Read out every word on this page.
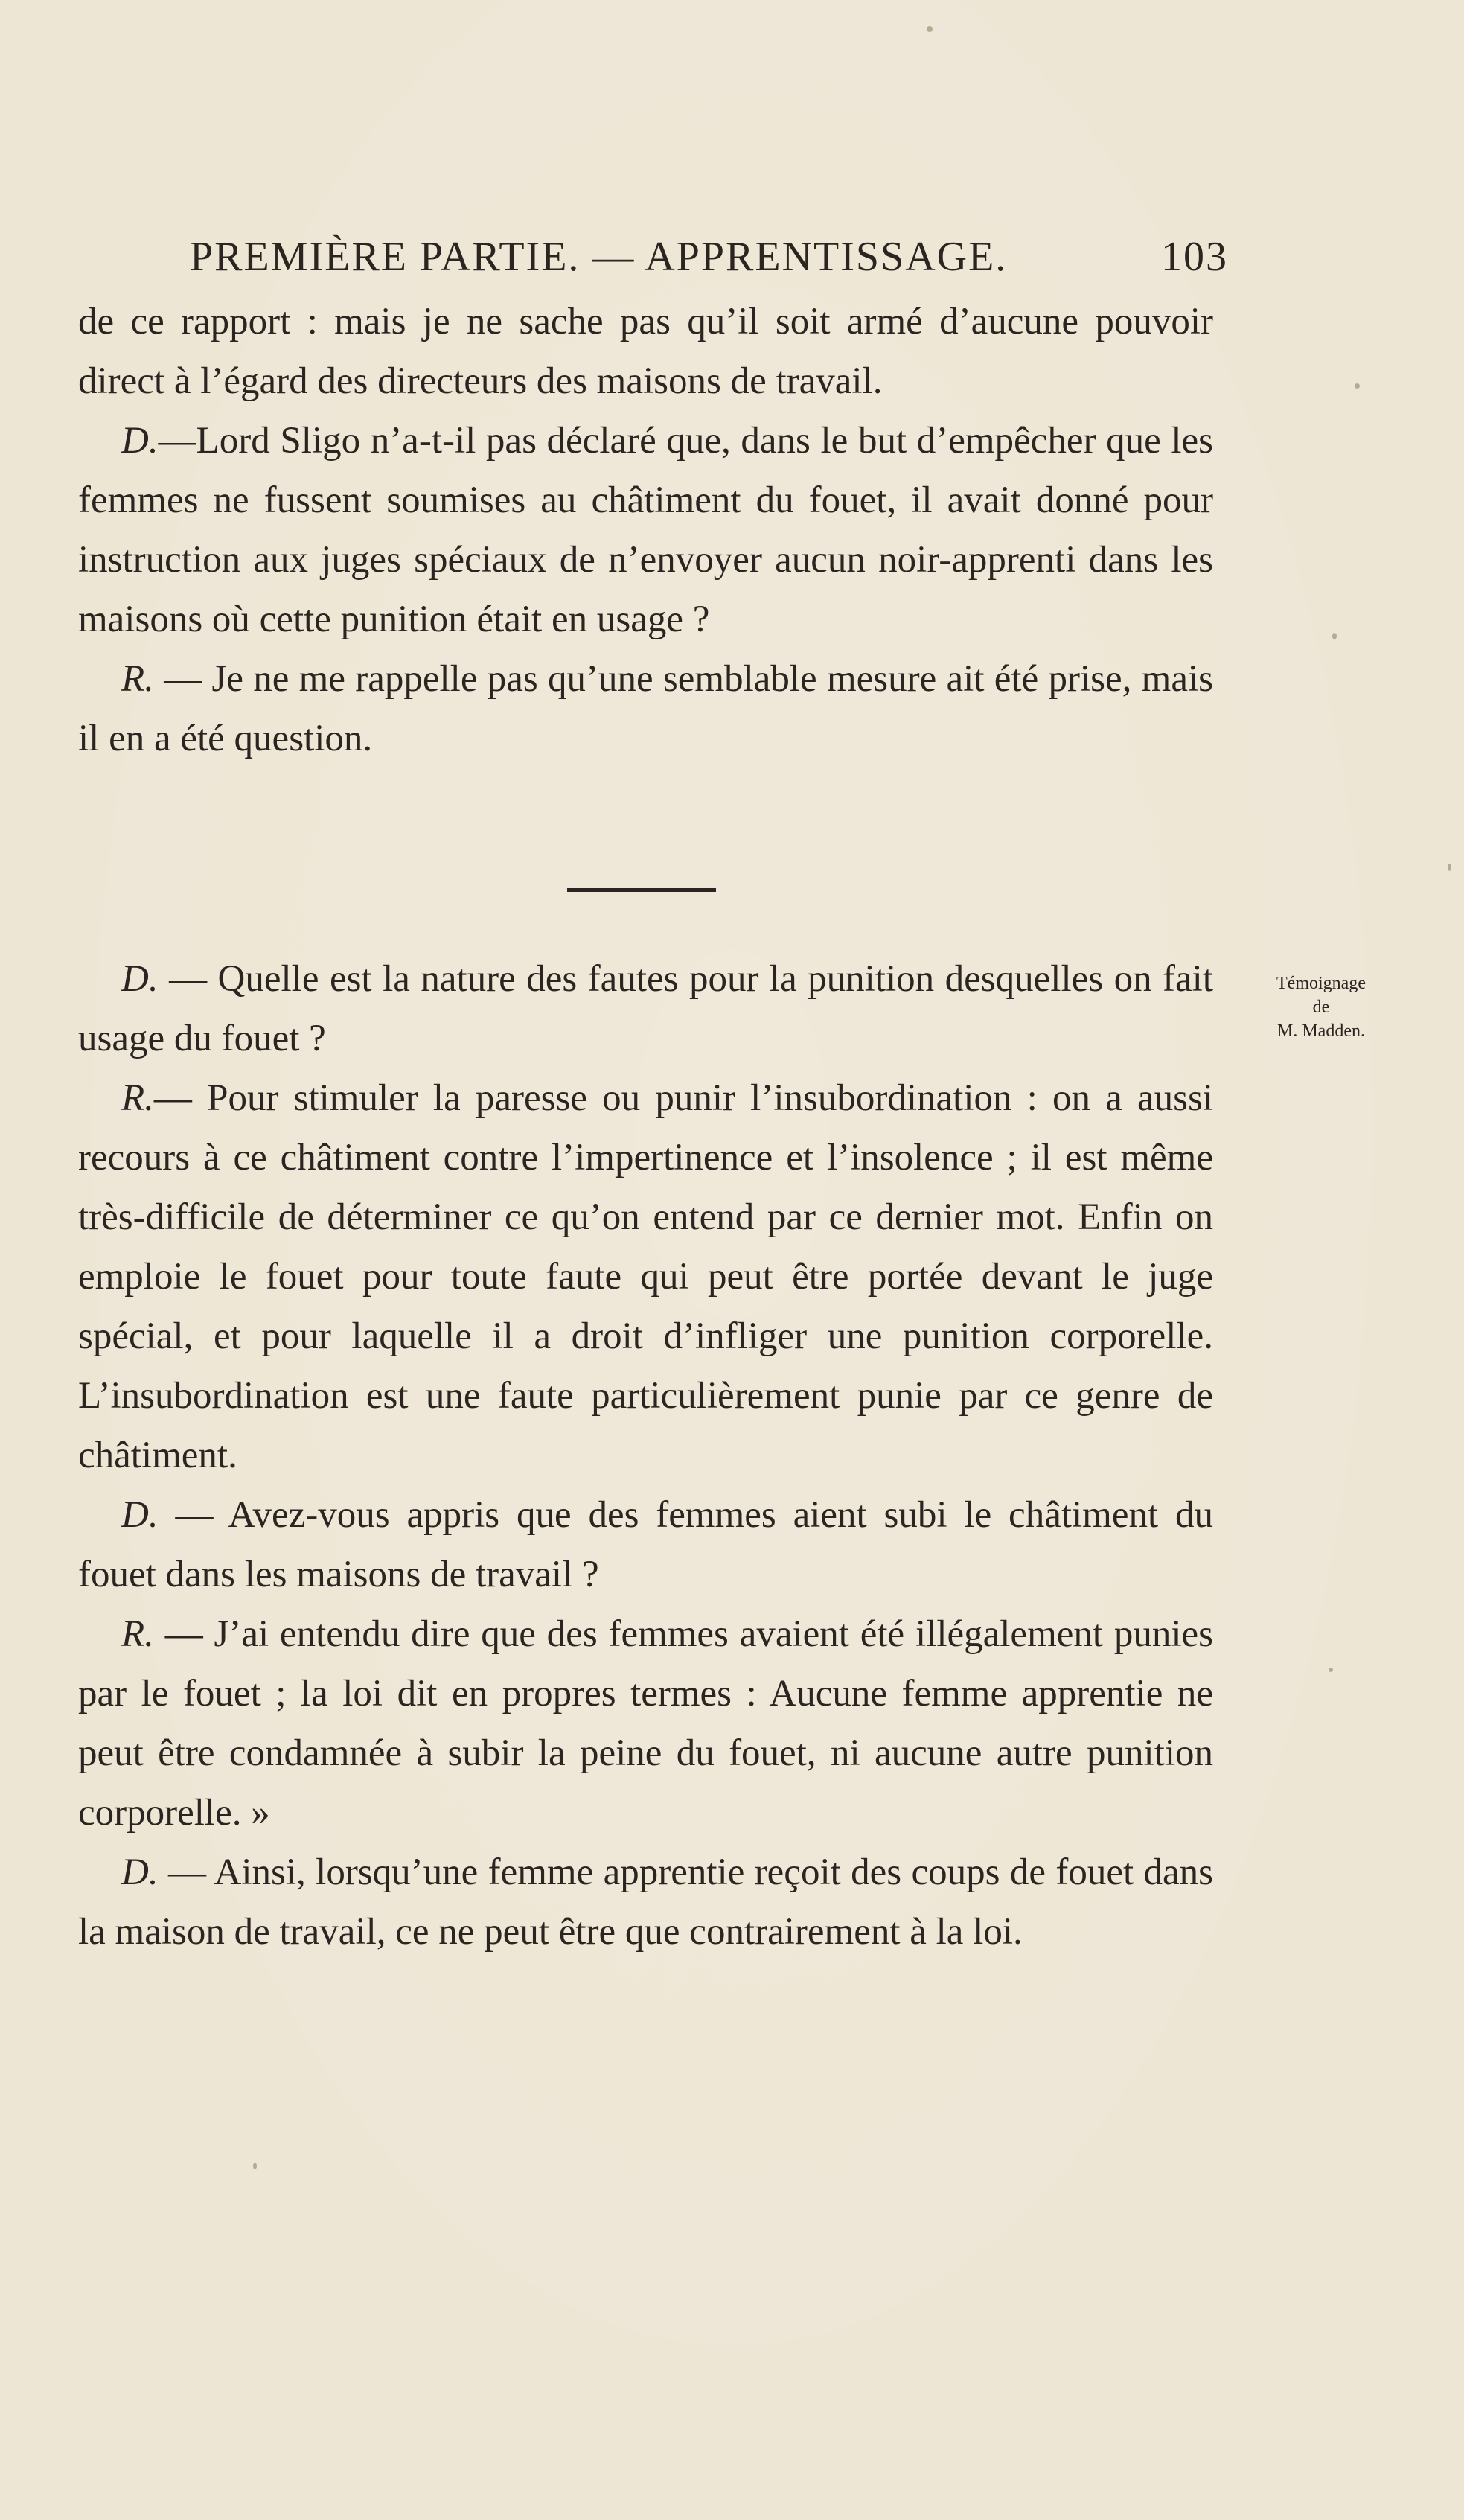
PREMIÈRE PARTIE. — APPRENTISSAGE.	103

de ce rapport : mais je ne sache pas qu’il soit armé d’aucune pouvoir direct à l’égard des directeurs des maisons de travail.

D.—Lord Sligo n’a-t-il pas déclaré que, dans le but d’empêcher que les femmes ne fussent soumises au châtiment du fouet, il avait donné pour instruction aux juges spéciaux de n’envoyer aucun noir-apprenti dans les maisons où cette punition était en usage ?

R. — Je ne me rappelle pas qu’une semblable mesure ait été prise, mais il en a été question.

Témoignage
de
M. Madden.

D. — Quelle est la nature des fautes pour la punition desquelles on fait usage du fouet ?

R.— Pour stimuler la paresse ou punir l’insubordination : on a aussi recours à ce châtiment contre l’impertinence et l’insolence ; il est même très-difficile de déterminer ce qu’on entend par ce dernier mot. Enfin on emploie le fouet pour toute faute qui peut être portée devant le juge spécial, et pour laquelle il a droit d’infliger une punition corporelle. L’insubordination est une faute particulièrement punie par ce genre de châtiment.

D. — Avez-vous appris que des femmes aient subi le châtiment du fouet dans les maisons de travail ?

R. — J’ai entendu dire que des femmes avaient été illégalement punies par le fouet ; la loi dit en propres termes : Aucune femme apprentie ne peut être condamnée à subir la peine du fouet, ni aucune autre punition corporelle. »

D. — Ainsi, lorsqu’une femme apprentie reçoit des coups de fouet dans la maison de travail, ce ne peut être que contrairement à la loi.
